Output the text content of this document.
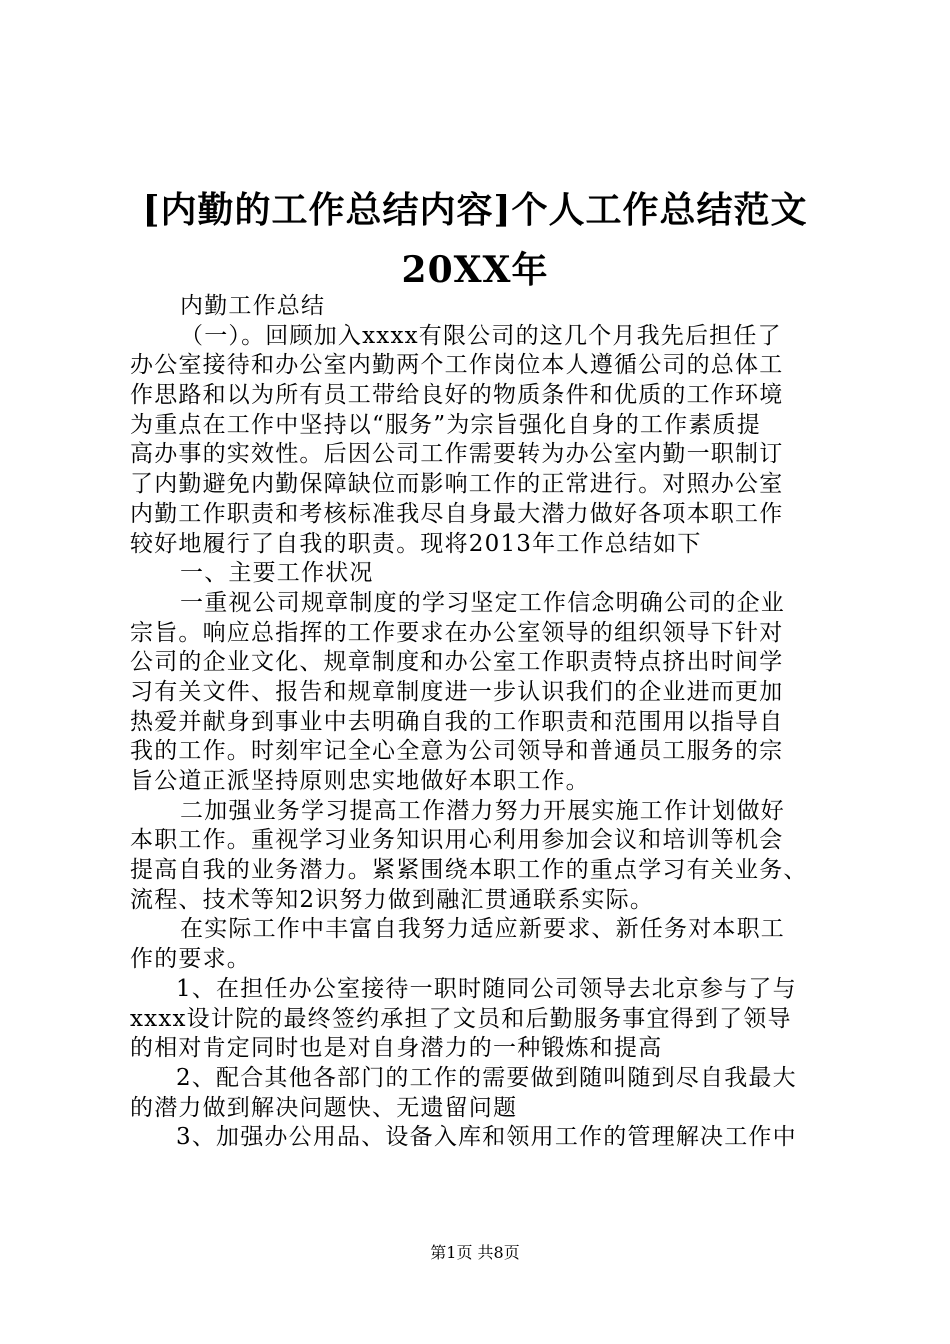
[内勤的工作总结内容]个人工作总结范文
20XX年
内勤工作总结
（一）。回顾加入xxxx有限公司的这几个月我先后担任了
办公室接待和办公室内勤两个工作岗位本人遵循公司的总体工
作思路和以为所有员工带给良好的物质条件和优质的工作环境
为重点在工作中坚持以“服务”为宗旨强化自身的工作素质提
高办事的实效性。后因公司工作需要转为办公室内勤一职制订
了内勤避免内勤保障缺位而影响工作的正常进行。对照办公室
内勤工作职责和考核标准我尽自身最大潜力做好各项本职工作
较好地履行了自我的职责。现将2013年工作总结如下
一、主要工作状况
一重视公司规章制度的学习坚定工作信念明确公司的企业
宗旨。响应总指挥的工作要求在办公室领导的组织领导下针对
公司的企业文化、规章制度和办公室工作职责特点挤出时间学
习有关文件、报告和规章制度进一步认识我们的企业进而更加
热爱并献身到事业中去明确自我的工作职责和范围用以指导自
我的工作。时刻牢记全心全意为公司领导和普通员工服务的宗
旨公道正派坚持原则忠实地做好本职工作。
二加强业务学习提高工作潜力努力开展实施工作计划做好
本职工作。重视学习业务知识用心利用参加会议和培训等机会
提高自我的业务潜力。紧紧围绕本职工作的重点学习有关业务、
流程、技术等知2识努力做到融汇贯通联系实际。
在实际工作中丰富自我努力适应新要求、新任务对本职工
作的要求。
1、在担任办公室接待一职时随同公司领导去北京参与了与
xxxx设计院的最终签约承担了文员和后勤服务事宜得到了领导
的相对肯定同时也是对自身潜力的一种锻炼和提高
2、配合其他各部门的工作的需要做到随叫随到尽自我最大
的潜力做到解决问题快、无遗留问题
3、加强办公用品、设备入库和领用工作的管理解决工作中
第1页 共8页
